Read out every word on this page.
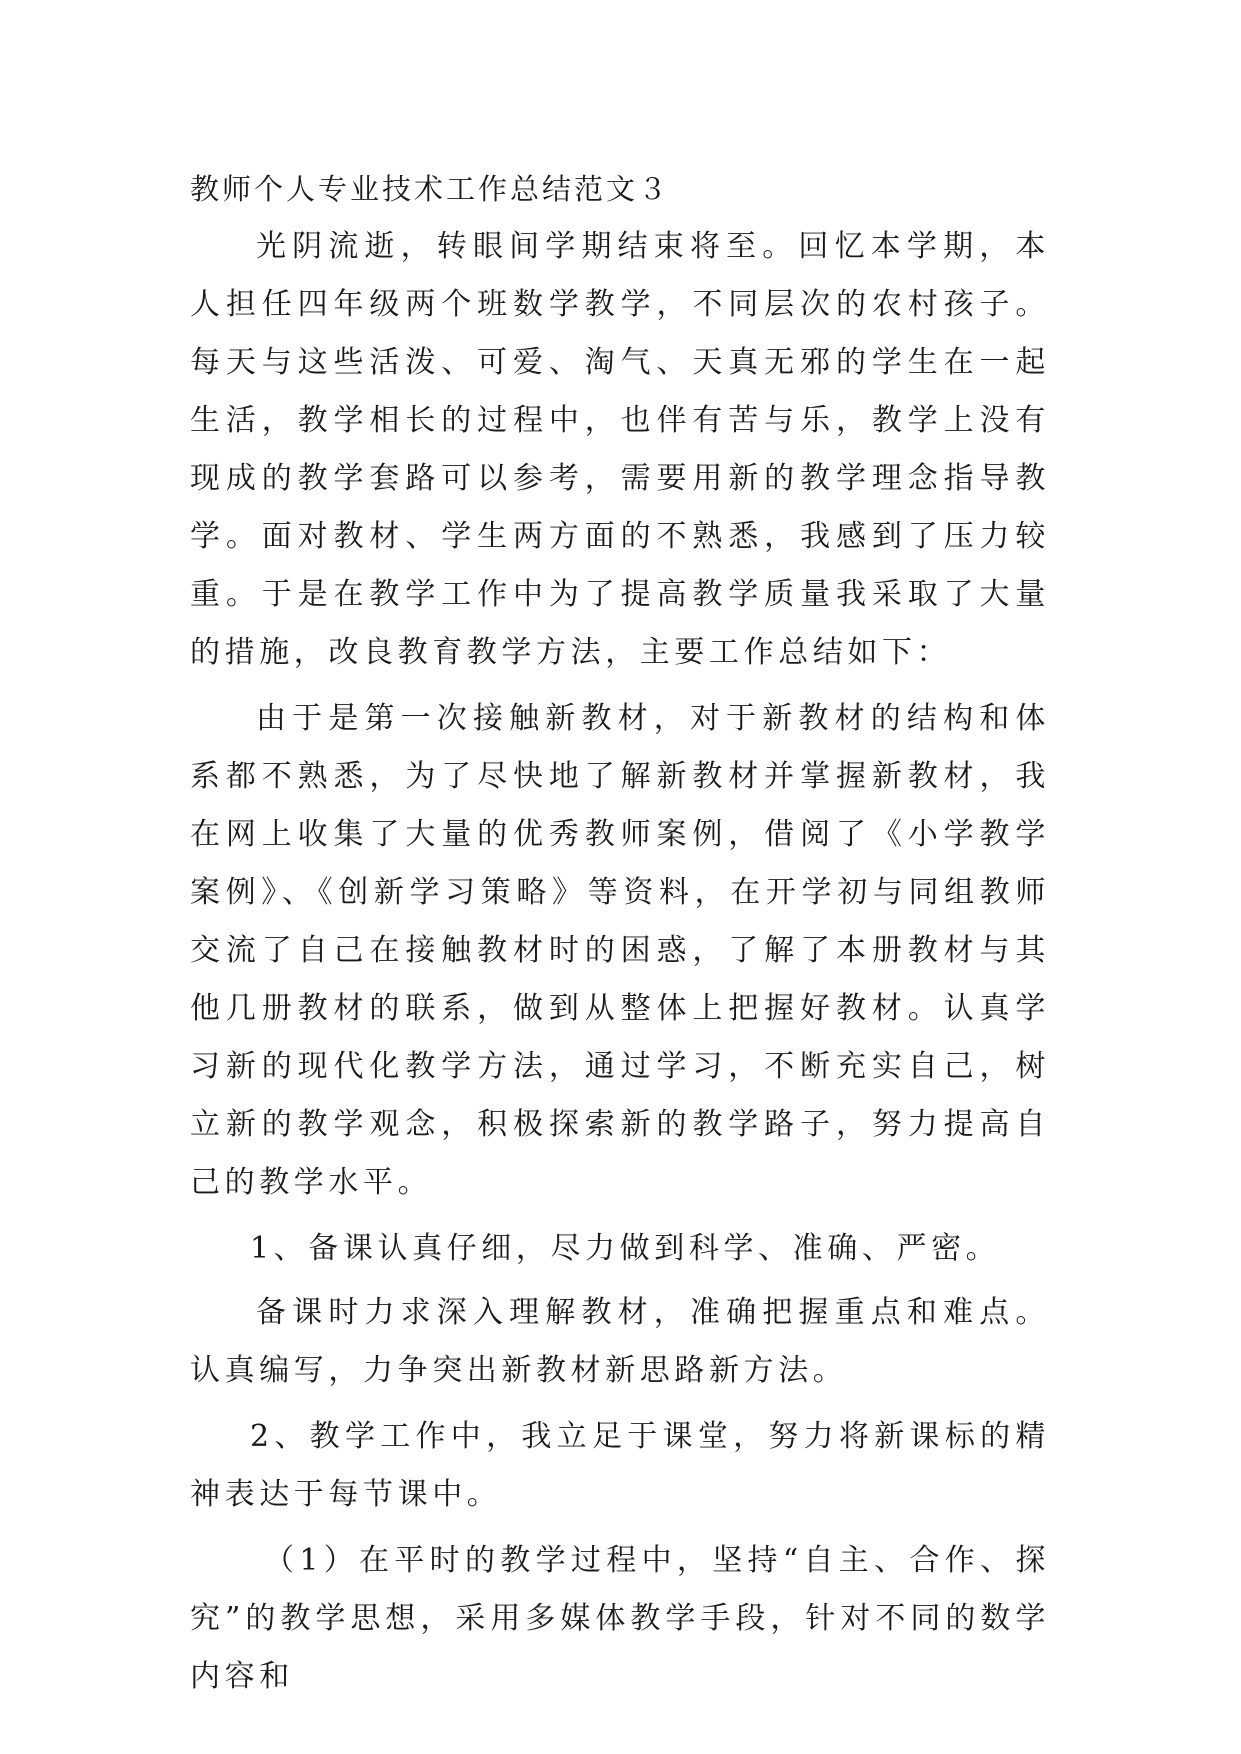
教师个人专业技术工作总结范文３

光阴流逝，转眼间学期结束将至。回忆本学期，本人担任四年级两个班数学教学，不同层次的农村孩子。每天与这些活泼、可爱、淘气、天真无邪的学生在一起生活，教学相长的过程中，也伴有苦与乐，教学上没有现成的教学套路可以参考，需要用新的教学理念指导教学。面对教材、学生两方面的不熟悉，我感到了压力较重。于是在教学工作中为了提高教学质量我采取了大量的措施，改良教育教学方法，主要工作总结如下：

由于是第一次接触新教材，对于新教材的结构和体系都不熟悉，为了尽快地了解新教材并掌握新教材，我在网上收集了大量的优秀教师案例，借阅了《小学教学案例》、《创新学习策略》等资料，在开学初与同组教师交流了自己在接触教材时的困惑，了解了本册教材与其他几册教材的联系，做到从整体上把握好教材。认真学习新的现代化教学方法，通过学习，不断充实自己，树立新的教学观念，积极探索新的教学路子，努力提高自己的教学水平。

1、备课认真仔细，尽力做到科学、准确、严密。

备课时力求深入理解教材，准确把握重点和难点。认真编写，力争突出新教材新思路新方法。

2、教学工作中，我立足于课堂，努力将新课标的精神表达于每节课中。

（1）在平时的教学过程中，坚持“自主、合作、探究”的教学思想，采用多媒体教学手段，针对不同的数学内容和
